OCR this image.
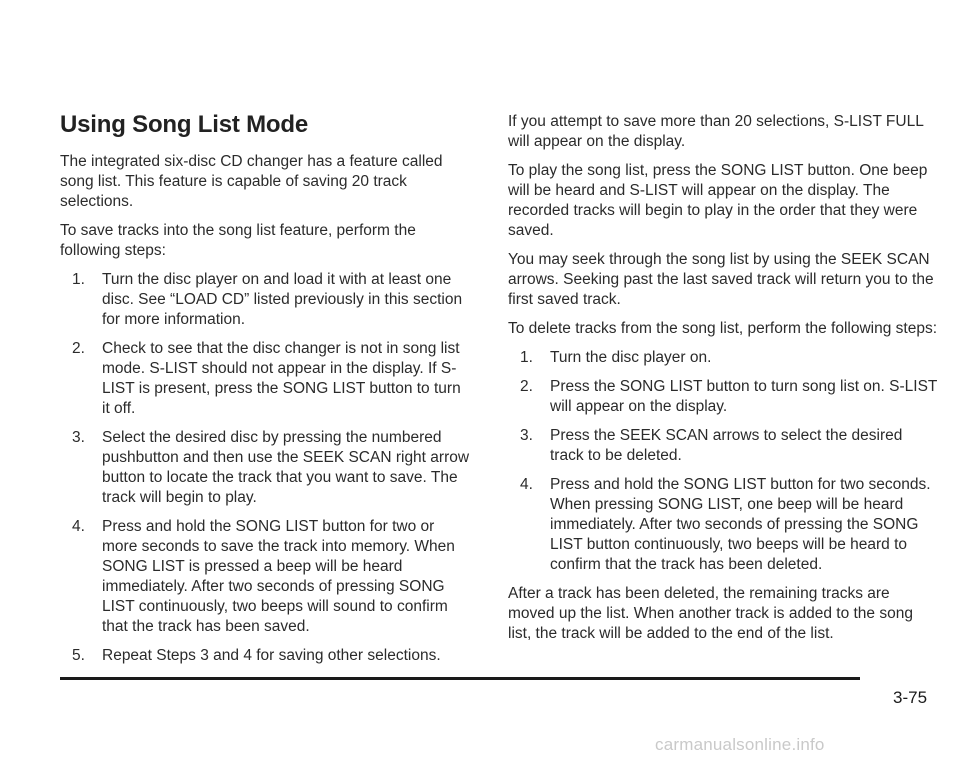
Using Song List Mode

The integrated six-disc CD changer has a feature called song list. This feature is capable of saving 20 track selections.

To save tracks into the song list feature, perform the following steps:

1.	Turn the disc player on and load it with at least one disc. See “LOAD CD” listed previously in this section for more information.
2.	Check to see that the disc changer is not in song list mode. S-LIST should not appear in the display. If S-LIST is present, press the SONG LIST button to turn it off.
3.	Select the desired disc by pressing the numbered pushbutton and then use the SEEK SCAN right arrow button to locate the track that you want to save. The track will begin to play.
4.	Press and hold the SONG LIST button for two or more seconds to save the track into memory. When SONG LIST is pressed a beep will be heard immediately. After two seconds of pressing SONG LIST continuously, two beeps will sound to confirm that the track has been saved.
5.	Repeat Steps 3 and 4 for saving other selections.

If you attempt to save more than 20 selections, S-LIST FULL will appear on the display.

To play the song list, press the SONG LIST button. One beep will be heard and S-LIST will appear on the display. The recorded tracks will begin to play in the order that they were saved.

You may seek through the song list by using the SEEK SCAN arrows. Seeking past the last saved track will return you to the first saved track.

To delete tracks from the song list, perform the following steps:

1.	Turn the disc player on.
2.	Press the SONG LIST button to turn song list on. S-LIST will appear on the display.
3.	Press the SEEK SCAN arrows to select the desired track to be deleted.
4.	Press and hold the SONG LIST button for two seconds. When pressing SONG LIST, one beep will be heard immediately. After two seconds of pressing the SONG LIST button continuously, two beeps will be heard to confirm that the track has been deleted.

After a track has been deleted, the remaining tracks are moved up the list. When another track is added to the song list, the track will be added to the end of the list.

3-75
carmanualsonline.info
